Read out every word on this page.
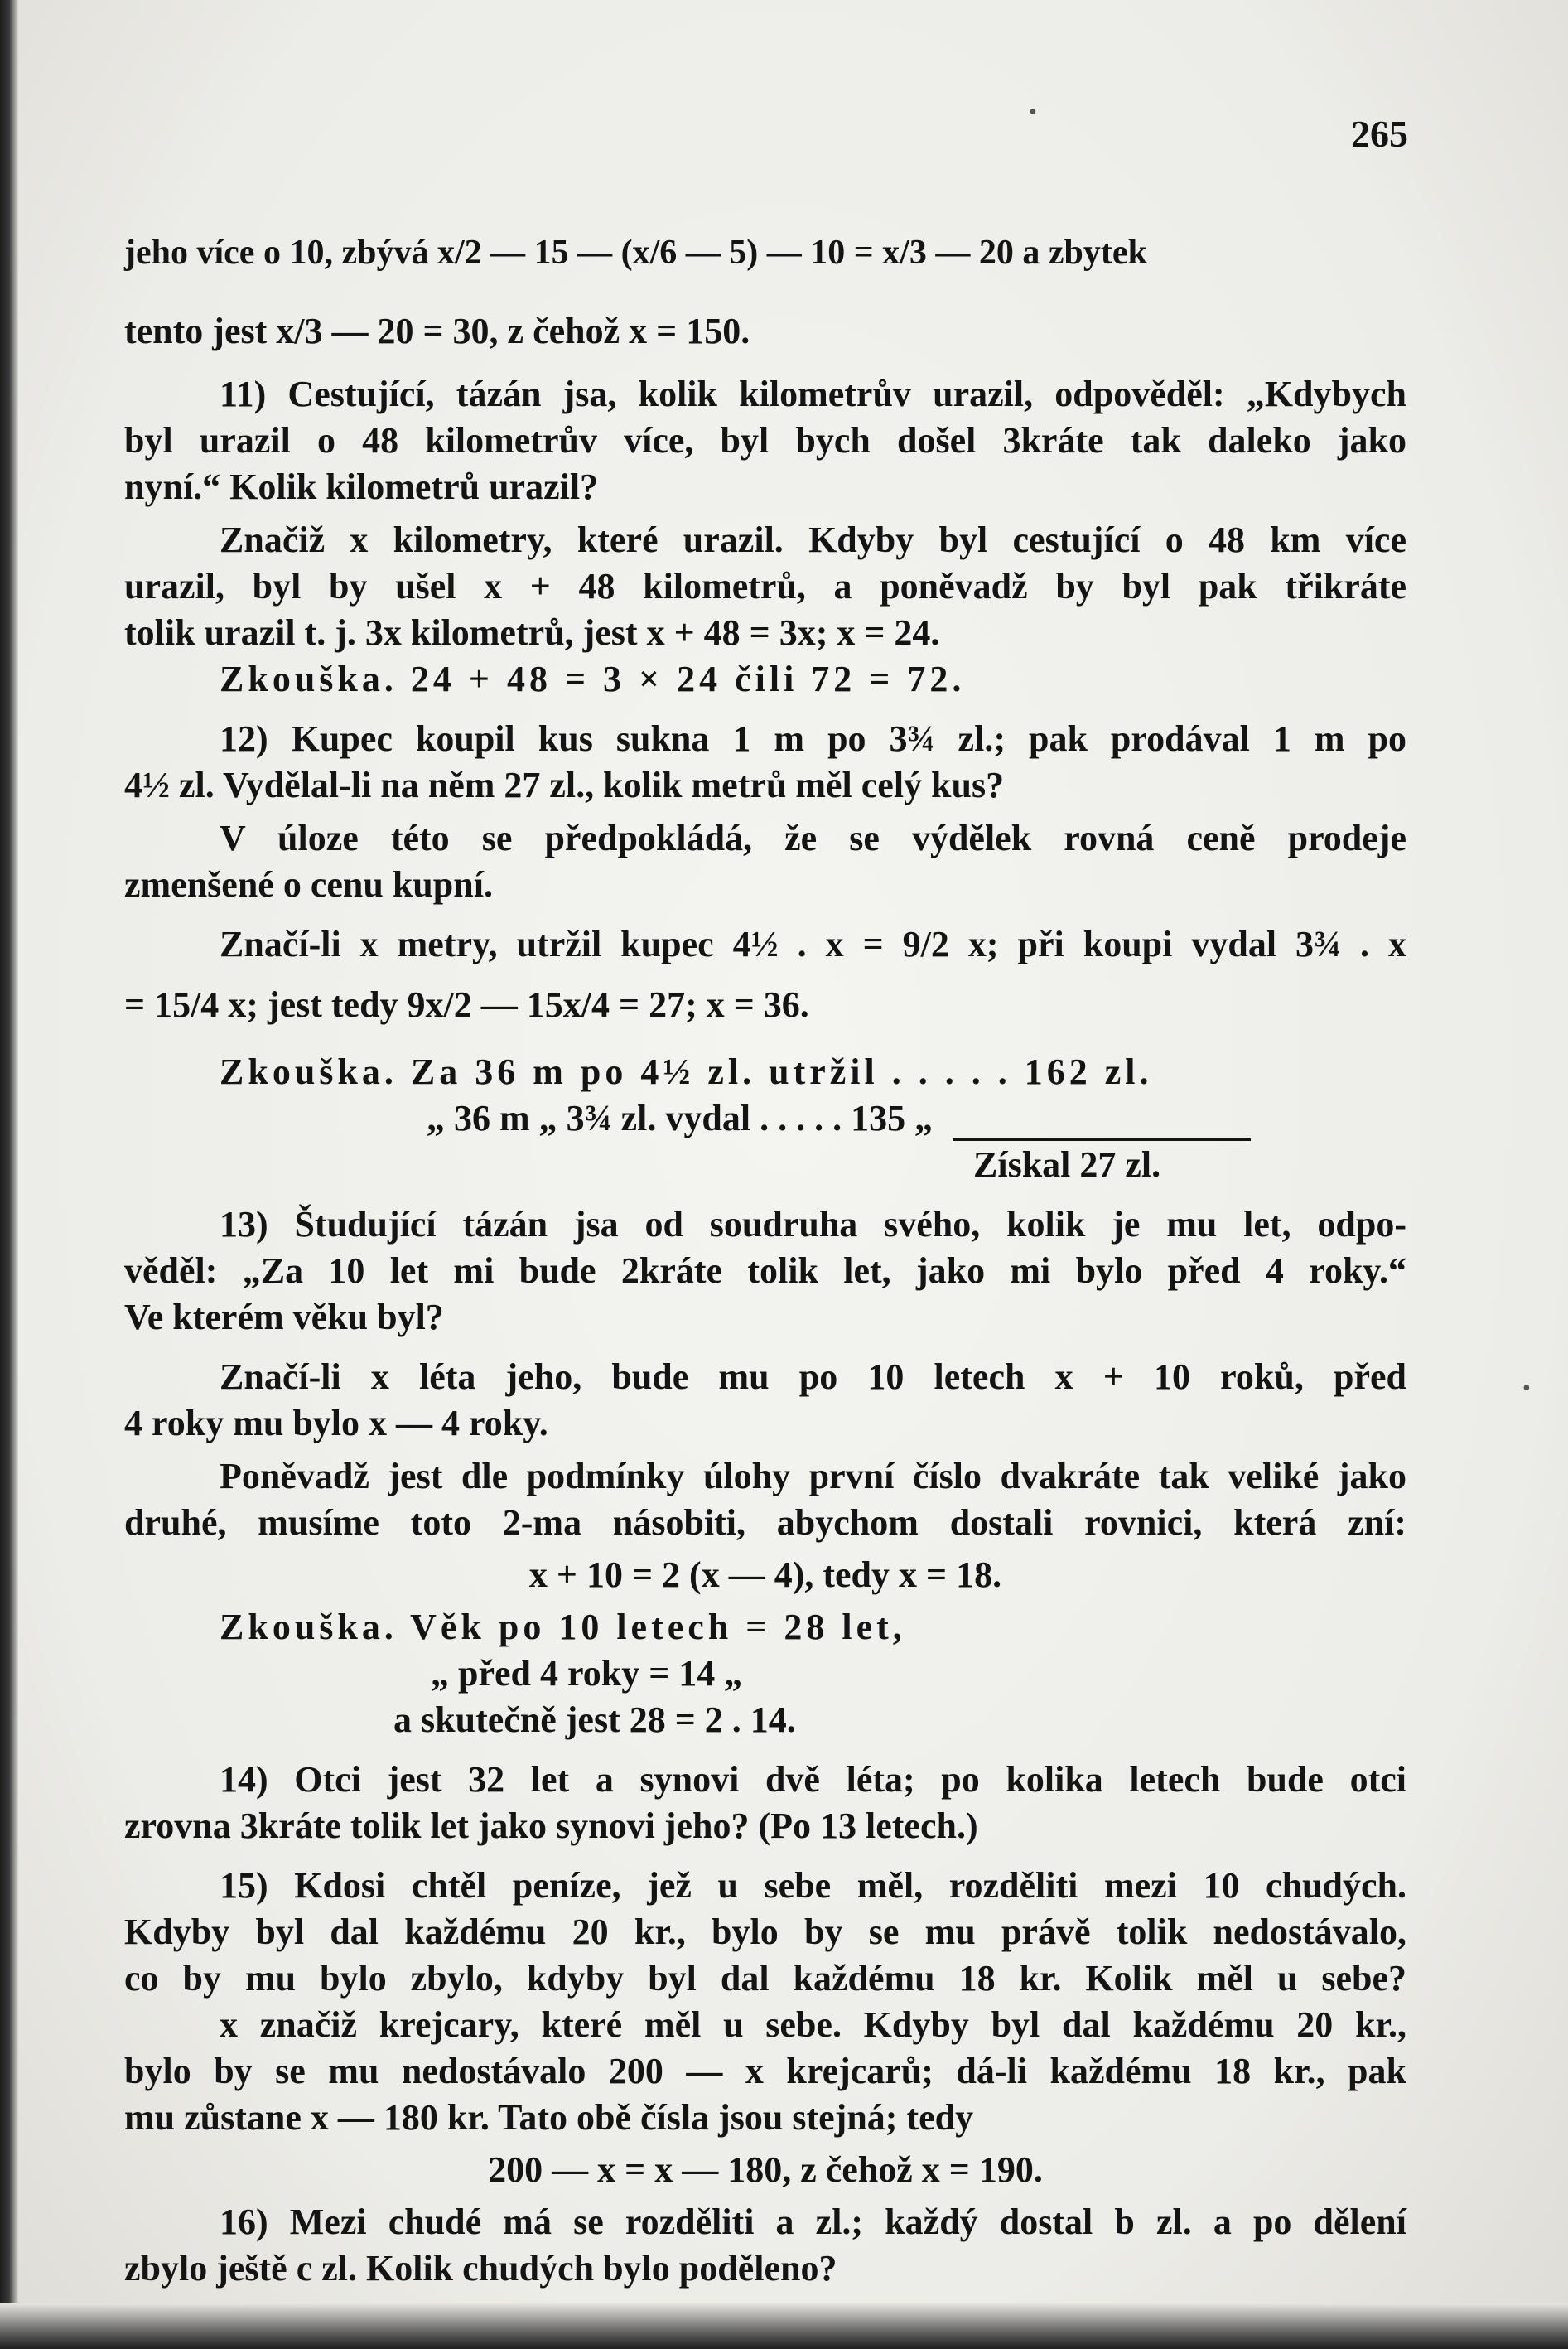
265
jeho více o 10, zbývá x/2 — 15 — (x/6 — 5) — 10 = x/3 — 20 a zbytek
tento jest x/3 — 20 = 30, z čehož x = 150.
11) Cestující, tázán jsa, kolik kilometrův urazil, odpověděl: „Kdybych
byl urazil o 48 kilometrův více, byl bych došel 3kráte tak daleko jako
nyní.“ Kolik kilometrů urazil?
Značiž x kilometry, které urazil. Kdyby byl cestující o 48 km více
urazil, byl by ušel x + 48 kilometrů, a poněvadž by byl pak třikráte
tolik urazil t. j. 3x kilometrů, jest x + 48 = 3x; x = 24.
Zkouška. 24 + 48 = 3 × 24 čili 72 = 72.
12) Kupec koupil kus sukna 1 m po 3¾ zl.; pak prodával 1 m po
4½ zl. Vydělal-li na něm 27 zl., kolik metrů měl celý kus?
V úloze této se předpokládá, že se výdělek rovná ceně prodeje
zmenšené o cenu kupní.
Značí-li x metry, utržil kupec 4½ . x = 9/2 x; při koupi vydal 3¾ . x
= 15/4 x; jest tedy 9x/2 — 15x/4 = 27; x = 36.
Zkouška. Za 36 m po 4½ zl. utržil . . . . . 162 zl.
„ 36 m „ 3¾ zl. vydal . . . . . 135 „
Získal 27 zl.
13) Študující tázán jsa od soudruha svého, kolik je mu let, odpo-
věděl: „Za 10 let mi bude 2kráte tolik let, jako mi bylo před 4 roky.“
Ve kterém věku byl?
Značí-li x léta jeho, bude mu po 10 letech x + 10 roků, před
4 roky mu bylo x — 4 roky.
Poněvadž jest dle podmínky úlohy první číslo dvakráte tak veliké jako
druhé, musíme toto 2-ma násobiti, abychom dostali rovnici, která zní:
x + 10 = 2 (x — 4), tedy x = 18.
Zkouška. Věk po 10 letech = 28 let,
„ před 4 roky = 14 „
a skutečně jest 28 = 2 . 14.
14) Otci jest 32 let a synovi dvě léta; po kolika letech bude otci
zrovna 3kráte tolik let jako synovi jeho? (Po 13 letech.)
15) Kdosi chtěl peníze, jež u sebe měl, rozděliti mezi 10 chudých.
Kdyby byl dal každému 20 kr., bylo by se mu právě tolik nedostávalo,
co by mu bylo zbylo, kdyby byl dal každému 18 kr. Kolik měl u sebe?
x značiž krejcary, které měl u sebe. Kdyby byl dal každému 20 kr.,
bylo by se mu nedostávalo 200 — x krejcarů; dá-li každému 18 kr., pak
mu zůstane x — 180 kr. Tato obě čísla jsou stejná; tedy
200 — x = x — 180, z čehož x = 190.
16) Mezi chudé má se rozděliti a zl.; každý dostal b zl. a po dělení
zbylo ještě c zl. Kolik chudých bylo poděleno?
•
•
